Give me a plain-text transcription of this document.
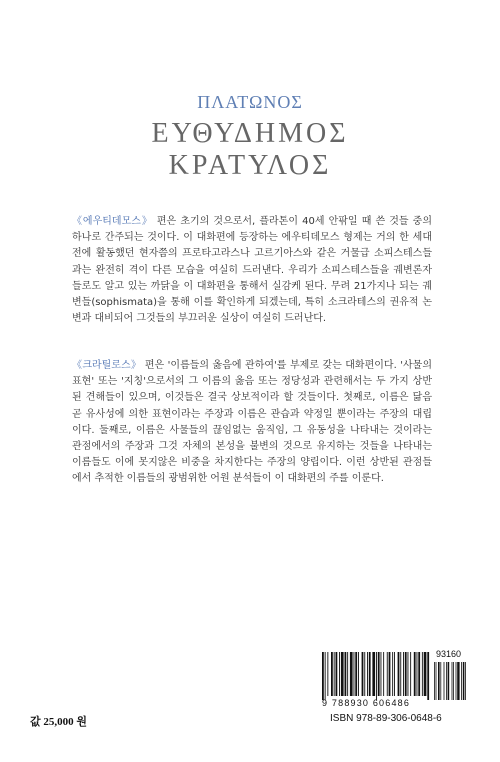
ΠΛΑΤΩΝΟΣ
ΕΥΘΥΔΗΜΟΣ
ΚΡΑΤΥΛΟΣ

《에우티데모스》 편은 초기의 것으로서, 플라톤이 40세 안팎일 때 쓴 것들 중의 하나로 간주되는 것이다. 이 대화편에 등장하는 에우티데모스 형제는 거의 한 세대 전에 활동했던 현자쯤의 프로타고라스나 고르기아스와 같은 거물급 소피스테스들과는 완전히 격이 다른 모습을 여실히 드러낸다. 우리가 소피스테스들을 궤변론자들로도 알고 있는 까닭을 이 대화편을 통해서 실감케 된다. 무려 21가지나 되는 궤변들(sophismata)을 통해 이를 확인하게 되겠는데, 특히 소크라테스의 권유적 논변과 대비되어 그것들의 부끄러운 실상이 여실히 드러난다.

《크라틸로스》 편은 '이름들의 옳음에 관하여'를 부제로 갖는 대화편이다. '사물의 표현' 또는 '지칭'으로서의 그 이름의 옳음 또는 정당성과 관련해서는 두 가지 상반된 견해들이 있으며, 이것들은 결국 상보적이라 할 것들이다. 첫째로, 이름은 닮음 곧 유사성에 의한 표현이라는 주장과 이름은 관습과 약정일 뿐이라는 주장의 대립이다. 둘째로, 이름은 사물들의 끊임없는 움직임, 그 유동성을 나타내는 것이라는 관점에서의 주장과 그것 자체의 본성을 불변의 것으로 유지하는 것들을 나타내는 이름들도 이에 못지않은 비중을 차지한다는 주장의 양립이다. 이런 상반된 관점들에서 추적한 이름들의 광범위한 어원 분석들이 이 대화편의 주를 이룬다.

값 25,000 원
93160
9 788930 606486
ISBN 978-89-306-0648-6
